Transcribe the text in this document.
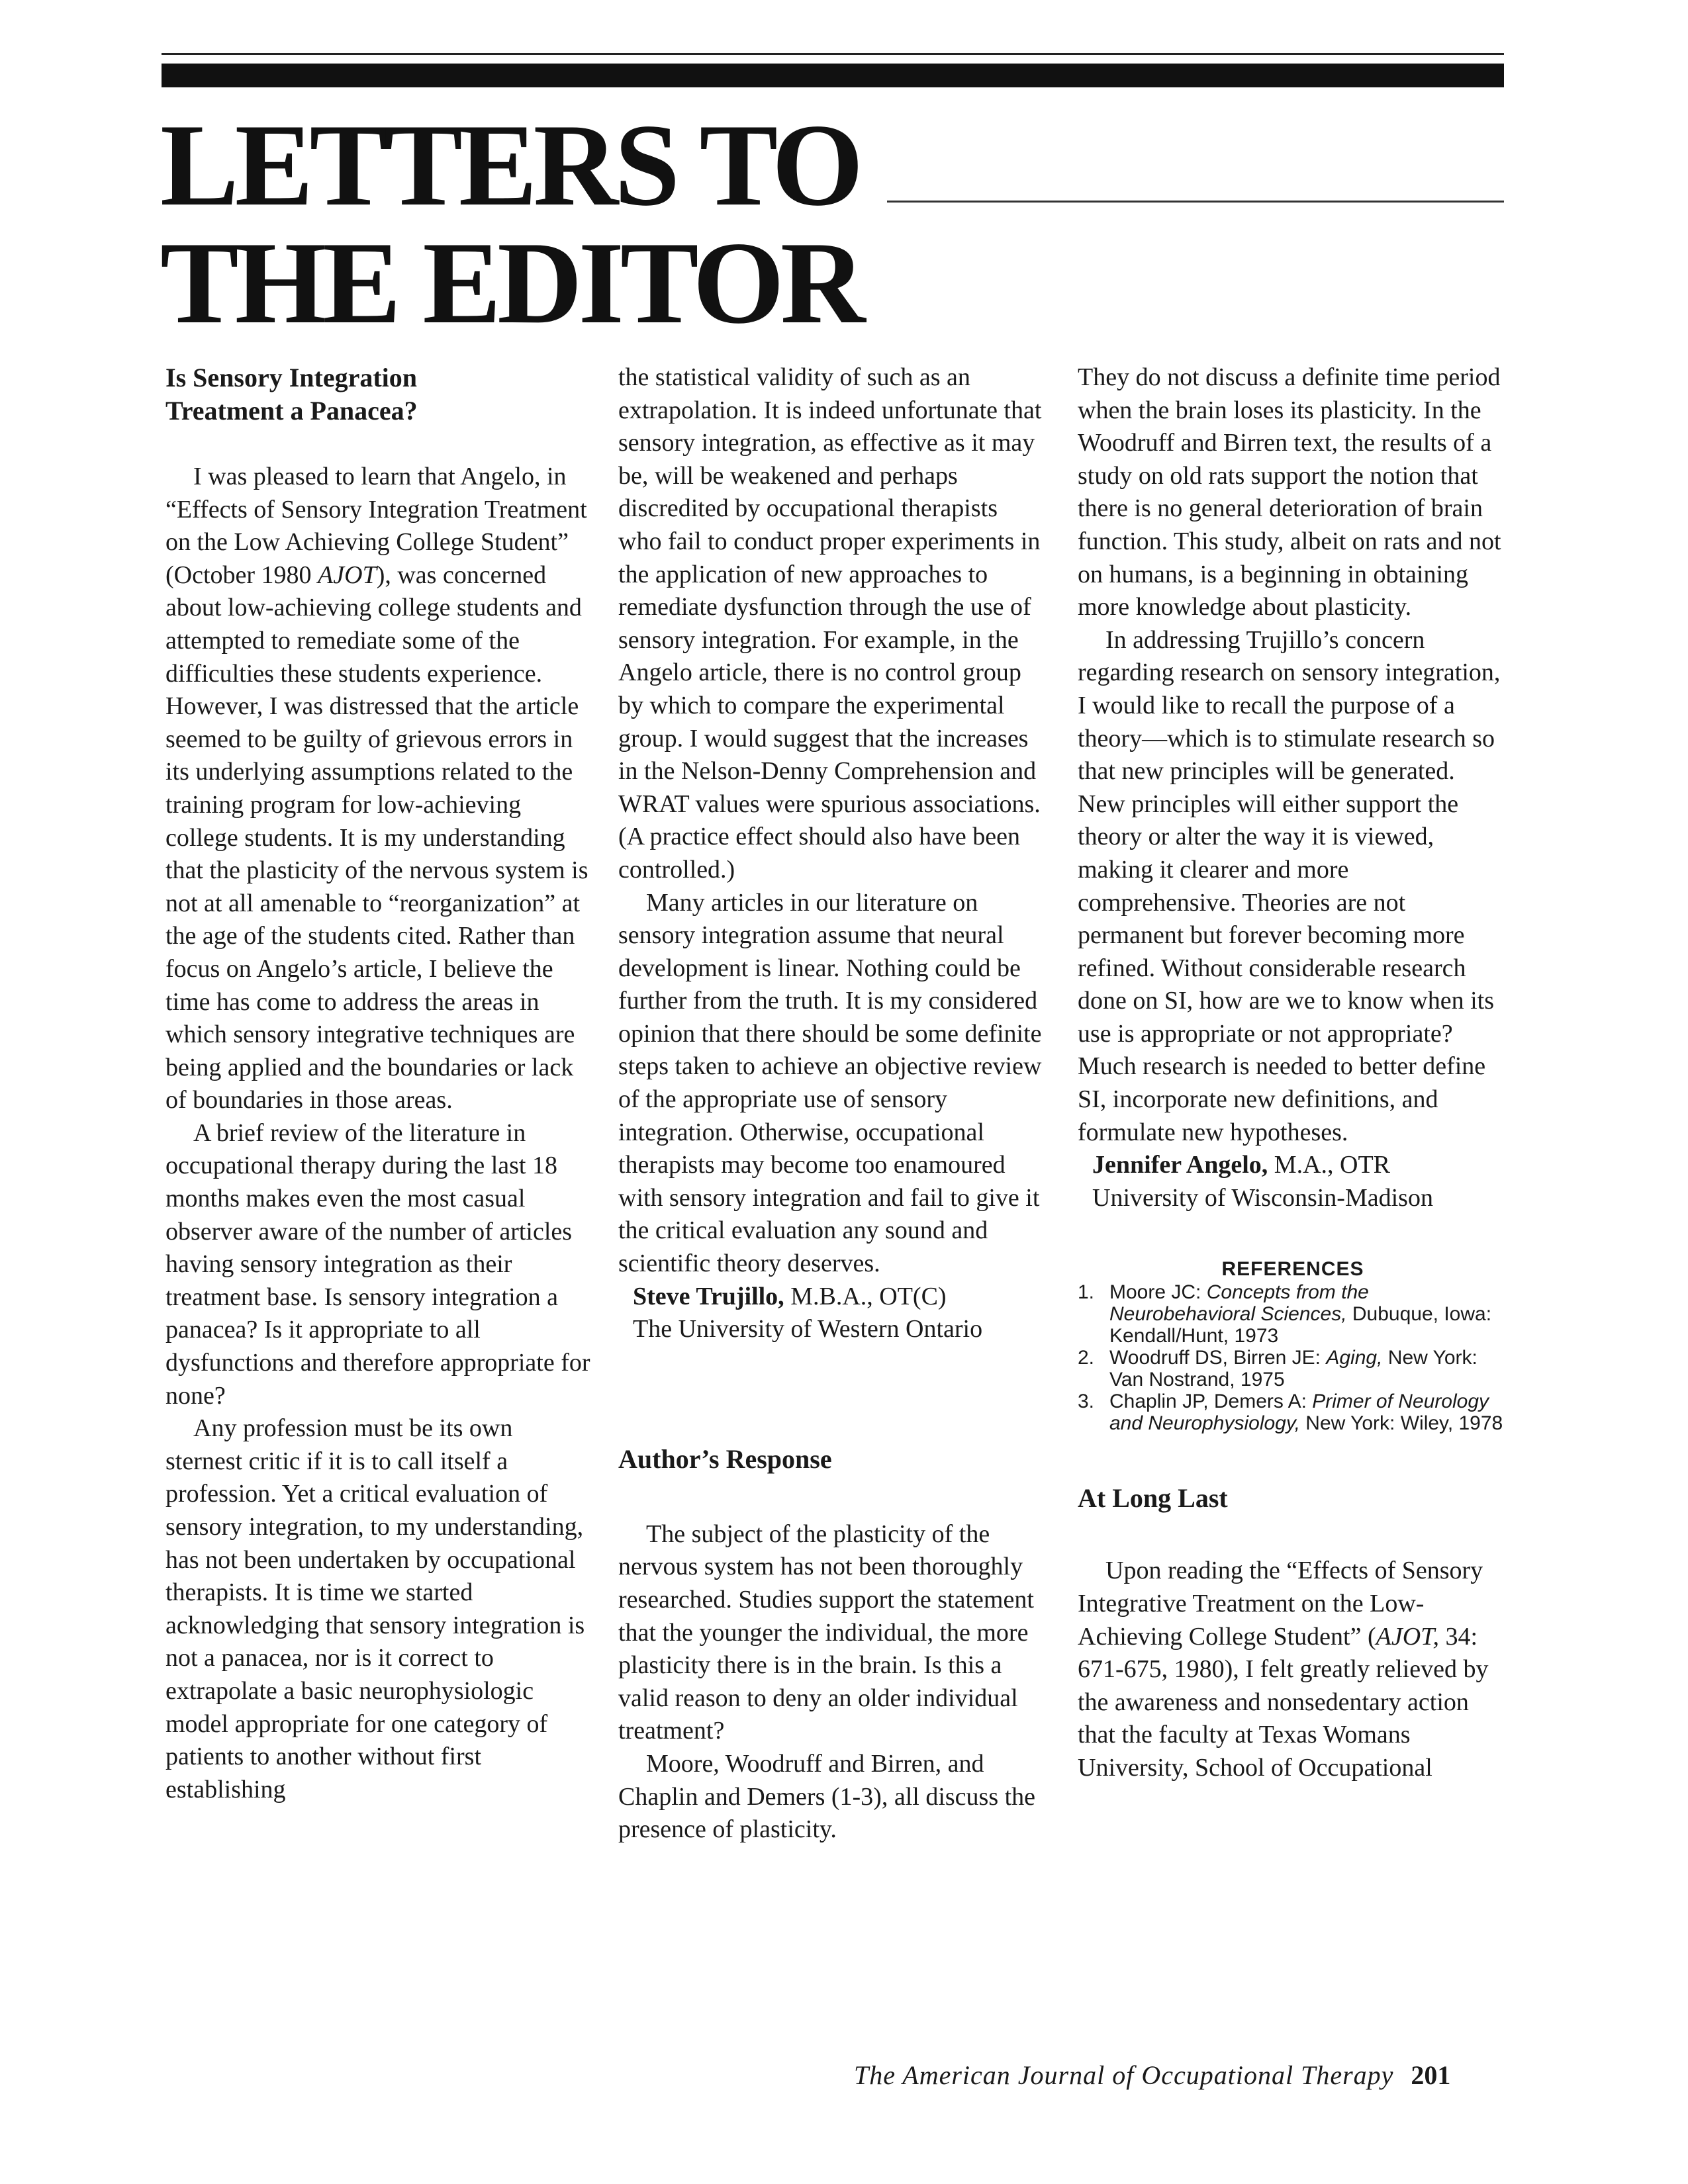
LETTERS TO
THE EDITOR
Is Sensory Integration
Treatment a Panacea?

I was pleased to learn that Angelo, in “Effects of Sensory Integration Treatment on the Low Achieving College Student” (October 1980 AJOT), was concerned about low-achieving college students and attempted to remediate some of the difficulties these students experience. However, I was distressed that the article seemed to be guilty of grievous errors in its underlying assumptions related to the training program for low-achieving college students. It is my understanding that the plasticity of the nervous system is not at all amenable to “reorganization” at the age of the students cited. Rather than focus on Angelo’s article, I believe the time has come to address the areas in which sensory integrative techniques are being applied and the boundaries or lack of boundaries in those areas.

A brief review of the literature in occupational therapy during the last 18 months makes even the most casual observer aware of the number of articles having sensory integration as their treatment base. Is sensory integration a panacea? Is it appropriate to all dysfunctions and therefore appropriate for none?

Any profession must be its own sternest critic if it is to call itself a profession. Yet a critical evaluation of sensory integration, to my understanding, has not been undertaken by occupational therapists. It is time we started acknowledging that sensory integration is not a panacea, nor is it correct to extrapolate a basic neurophysiologic model appropriate for one category of patients to another without first establishing

the statistical validity of such as an extrapolation. It is indeed unfortunate that sensory integration, as effective as it may be, will be weakened and perhaps discredited by occupational therapists who fail to conduct proper experiments in the application of new approaches to remediate dysfunction through the use of sensory integration. For example, in the Angelo article, there is no control group by which to compare the experimental group. I would suggest that the increases in the Nelson-Denny Comprehension and WRAT values were spurious associations. (A practice effect should also have been controlled.)

Many articles in our literature on sensory integration assume that neural development is linear. Nothing could be further from the truth. It is my considered opinion that there should be some definite steps taken to achieve an objective review of the appropriate use of sensory integration. Otherwise, occupational therapists may become too enamoured with sensory integration and fail to give it the critical evaluation any sound and scientific theory deserves.

Steve Trujillo, M.B.A., OT(C)

The University of Western Ontario

Author’s Response

The subject of the plasticity of the nervous system has not been thoroughly researched. Studies support the statement that the younger the individual, the more plasticity there is in the brain. Is this a valid reason to deny an older individual treatment?

Moore, Woodruff and Birren, and Chaplin and Demers (1-3), all discuss the presence of plasticity.

They do not discuss a definite time period when the brain loses its plasticity. In the Woodruff and Birren text, the results of a study on old rats support the notion that there is no general deterioration of brain function. This study, albeit on rats and not on humans, is a beginning in obtaining more knowledge about plasticity.

In addressing Trujillo’s concern regarding research on sensory integration, I would like to recall the purpose of a theory—which is to stimulate research so that new principles will be generated. New principles will either support the theory or alter the way it is viewed, making it clearer and more comprehensive. Theories are not permanent but forever becoming more refined. Without considerable research done on SI, how are we to know when its use is appropriate or not appropriate? Much research is needed to better define SI, incorporate new definitions, and formulate new hypotheses.

Jennifer Angelo, M.A., OTR

University of Wisconsin-Madison

REFERENCES
1. Moore JC: Concepts from the Neurobehavioral Sciences, Dubuque, Iowa: Kendall/Hunt, 1973
2. Woodruff DS, Birren JE: Aging, New York: Van Nostrand, 1975
3. Chaplin JP, Demers A: Primer of Neurology and Neurophysiology, New York: Wiley, 1978
At Long Last

Upon reading the “Effects of Sensory Integrative Treatment on the Low-Achieving College Student” (AJOT, 34: 671-675, 1980), I felt greatly relieved by the awareness and nonsedentary action that the faculty at Texas Womans University, School of Occupational

The American Journal of Occupational Therapy 201
